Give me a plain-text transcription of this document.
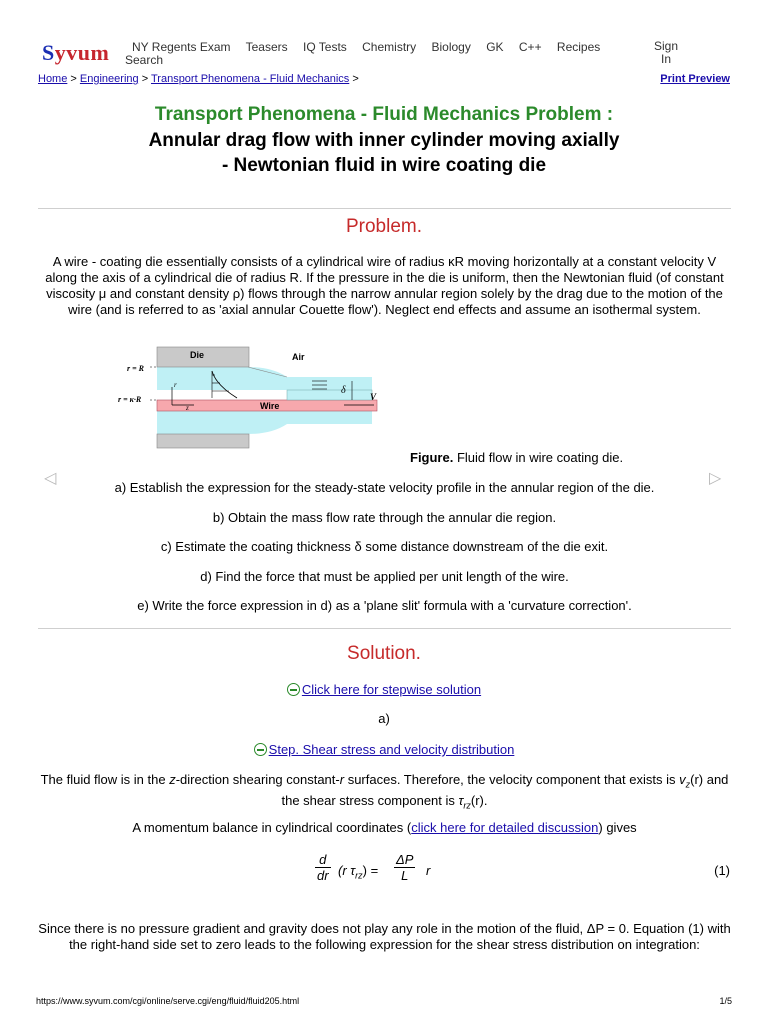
Syvum NY Regents Exam Teasers IQ Tests Chemistry Biology GK C++ Recipes
Search
Sign In
Home > Engineering > Transport Phenomena - Fluid Mechanics >	Print Preview
Transport Phenomena - Fluid Mechanics Problem :
Annular drag flow with inner cylinder moving axially
- Newtonian fluid in wire coating die
Problem.
A wire - coating die essentially consists of a cylindrical wire of radius κR moving horizontally at a constant velocity V along the axis of a cylindrical die of radius R. If the pressure in the die is uniform, then the Newtonian fluid (of constant viscosity μ and constant density ρ) flows through the narrow annular region solely by the drag due to the motion of the wire (and is referred to as 'axial annular Couette flow'). Neglect end effects and assume an isothermal system.
Die	Air
r = R
r = κ·R
r
z	Wire
δ
V
Figure. Fluid flow in wire coating die.
◁	▷
a) Establish the expression for the steady-state velocity profile in the annular region of the die.
b) Obtain the mass flow rate through the annular die region.
c) Estimate the coating thickness δ some distance downstream of the die exit.
d) Find the force that must be applied per unit length of the wire.
e) Write the force expression in d) as a 'plane slit' formula with a 'curvature correction'.
Solution.
Click here for stepwise solution
a)
Step. Shear stress and velocity distribution
The fluid flow is in the z-direction shearing constant-r surfaces. Therefore, the velocity component that exists is $v_z(r)$ and the shear stress component is $\tau_{rz}(r)$.
A momentum balance in cylindrical coordinates (click here for detailed discussion) gives
$\frac{d}{dr} (r$ $\tau_{rz}) = \frac{\Delta P}{L}$ r	(1)
Since there is no pressure gradient and gravity does not play any role in the motion of the fluid, ΔP = 0. Equation (1) with the right-hand side set to zero leads to the following expression for the shear stress distribution on integration:
https://www.syvum.com/cgi/online/serve.cgi/eng/fluid/fluid205.html	1/5
